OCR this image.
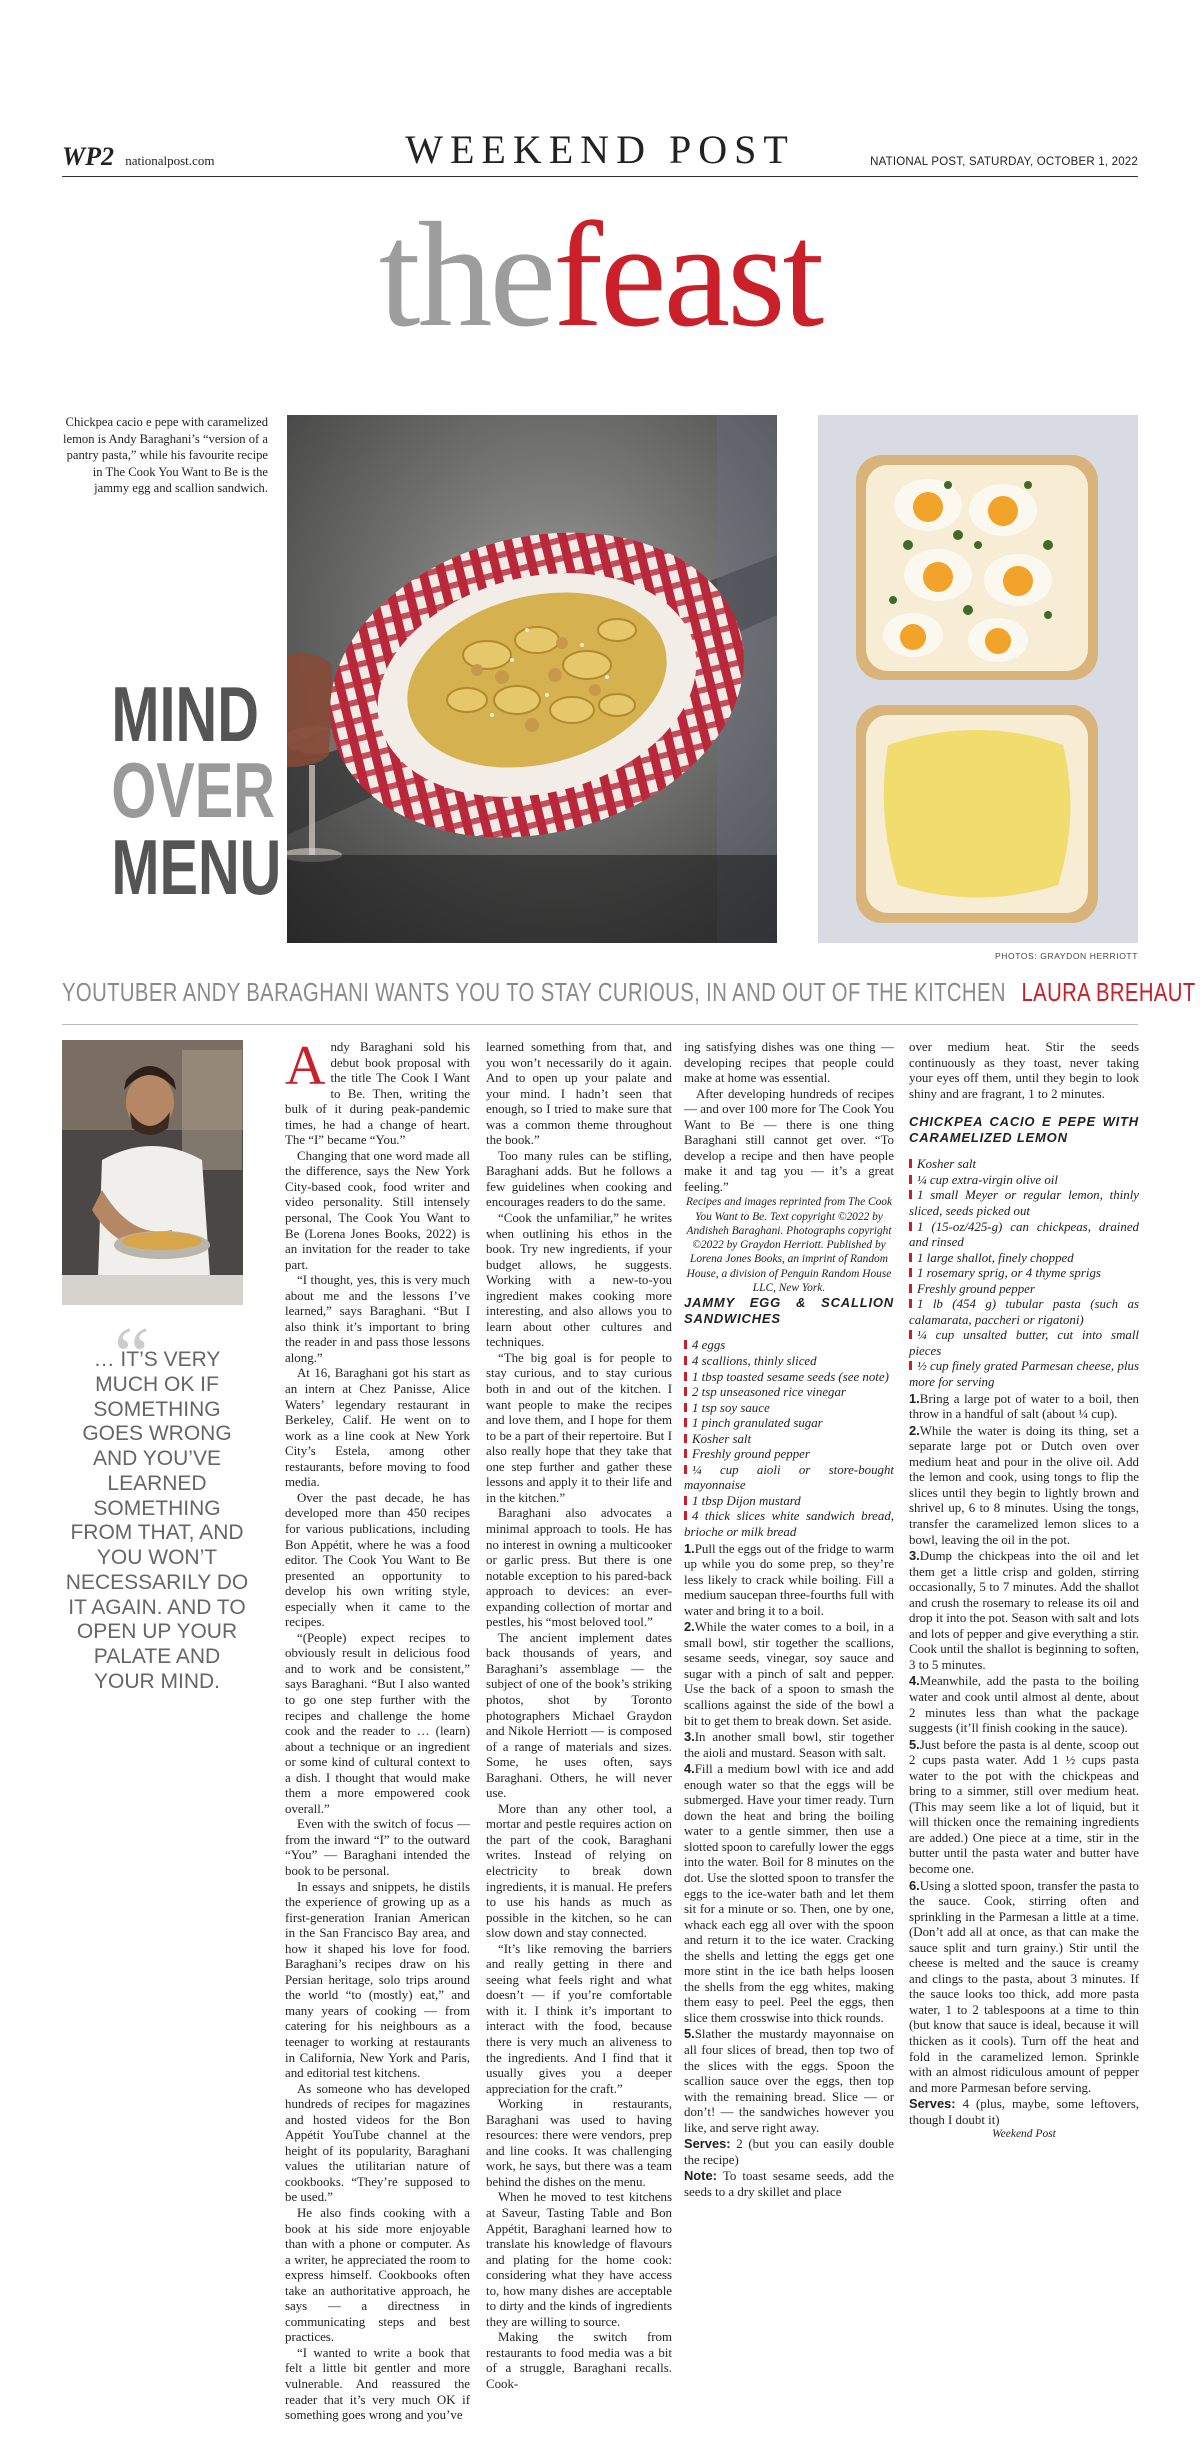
WP2 nationalpost.com	WEEKEND POST	NATIONAL POST, SATURDAY, OCTOBER 1, 2022
thefeast
Chickpea cacio e pepe with caramelized lemon is Andy Baraghani’s “version of a pantry pasta,” while his favourite recipe in The Cook You Want to Be is the jammy egg and scallion sandwich.
PHOTOS: GRAYDON HERRIOTT
MIND
OVER
MENU
YOUTUBER ANDY BARAGHANI WANTS YOU TO STAY CURIOUS, IN AND OUT OF THE KITCHEN LAURA BREHAUT
“
… IT’S VERY MUCH OK IF SOMETHING GOES WRONG AND YOU’VE LEARNED SOMETHING FROM THAT, AND YOU WON’T NECESSARILY DO IT AGAIN. AND TO OPEN UP YOUR PALATE AND YOUR MIND.

Andy Baraghani sold his debut book proposal with the title The Cook I Want to Be. Then, writing the bulk of it during peak-pandemic times, he had a change of heart. The “I” became “You.”

Changing that one word made all the difference, says the New York City-based cook, food writer and video personality. Still intensely personal, The Cook You Want to Be (Lorena Jones Books, 2022) is an invitation for the reader to take part.

“I thought, yes, this is very much about me and the lessons I’ve learned,” says Baraghani. “But I also think it’s important to bring the reader in and pass those lessons along.”

At 16, Baraghani got his start as an intern at Chez Panisse, Alice Waters’ legendary restaurant in Berkeley, Calif. He went on to work as a line cook at New York City’s Estela, among other restaurants, before moving to food media.

Over the past decade, he has developed more than 450 recipes for various publications, including Bon Appétit, where he was a food editor. The Cook You Want to Be presented an opportunity to develop his own writing style, especially when it came to the recipes.

“(People) expect recipes to obviously result in delicious food and to work and be consistent,” says Baraghani. “But I also wanted to go one step further with the recipes and challenge the home cook and the reader to … (learn) about a technique or an ingredient or some kind of cultural context to a dish. I thought that would make them a more empowered cook overall.”

Even with the switch of focus — from the inward “I” to the outward “You” — Baraghani intended the book to be personal.

In essays and snippets, he distils the experience of growing up as a first-generation Iranian American in the San Francisco Bay area, and how it shaped his love for food. Baraghani’s recipes draw on his Persian heritage, solo trips around the world “to (mostly) eat,” and many years of cooking — from catering for his neighbours as a teenager to working at restaurants in California, New York and Paris, and editorial test kitchens.

As someone who has developed hundreds of recipes for magazines and hosted videos for the Bon Appétit YouTube channel at the height of its popularity, Baraghani values the utilitarian nature of cookbooks. “They’re supposed to be used.”

He also finds cooking with a book at his side more enjoyable than with a phone or computer. As a writer, he appreciated the room to express himself. Cookbooks often take an authoritative approach, he says — a directness in communicating steps and best practices.

“I wanted to write a book that felt a little bit gentler and more vulnerable. And reassured the reader that it’s very much OK if something goes wrong and you’ve

learned something from that, and you won’t necessarily do it again. And to open up your palate and your mind. I hadn’t seen that enough, so I tried to make sure that was a common theme throughout the book.”

Too many rules can be stifling, Baraghani adds. But he follows a few guidelines when cooking and encourages readers to do the same.

“Cook the unfamiliar,” he writes when outlining his ethos in the book. Try new ingredients, if your budget allows, he suggests. Working with a new-to-you ingredient makes cooking more interesting, and also allows you to learn about other cultures and techniques.

“The big goal is for people to stay curious, and to stay curious both in and out of the kitchen. I want people to make the recipes and love them, and I hope for them to be a part of their repertoire. But I also really hope that they take that one step further and gather these lessons and apply it to their life and in the kitchen.”

Baraghani also advocates a minimal approach to tools. He has no interest in owning a multicooker or garlic press. But there is one notable exception to his pared-back approach to devices: an ever-expanding collection of mortar and pestles, his “most beloved tool.”

The ancient implement dates back thousands of years, and Baraghani’s assemblage — the subject of one of the book’s striking photos, shot by Toronto photographers Michael Graydon and Nikole Herriott — is composed of a range of materials and sizes. Some, he uses often, says Baraghani. Others, he will never use.

More than any other tool, a mortar and pestle requires action on the part of the cook, Baraghani writes. Instead of relying on electricity to break down ingredients, it is manual. He prefers to use his hands as much as possible in the kitchen, so he can slow down and stay connected.

“It’s like removing the barriers and really getting in there and seeing what feels right and what doesn’t — if you’re comfortable with it. I think it’s important to interact with the food, because there is very much an aliveness to the ingredients. And I find that it usually gives you a deeper appreciation for the craft.”

Working in restaurants, Baraghani was used to having resources: there were vendors, prep and line cooks. It was challenging work, he says, but there was a team behind the dishes on the menu.

When he moved to test kitchens at Saveur, Tasting Table and Bon Appétit, Baraghani learned how to translate his knowledge of flavours and plating for the home cook: considering what they have access to, how many dishes are acceptable to dirty and the kinds of ingredients they are willing to source.

Making the switch from restaurants to food media was a bit of a struggle, Baraghani recalls. Cook-

ing satisfying dishes was one thing — developing recipes that people could make at home was essential.

After developing hundreds of recipes — and over 100 more for The Cook You Want to Be — there is one thing Baraghani still cannot get over. “To develop a recipe and then have people make it and tag you — it’s a great feeling.”

Recipes and images reprinted from The Cook You Want to Be. Text copyright ©2022 by Andisheh Baraghani. Photographs copyright ©2022 by Graydon Herriott. Published by Lorena Jones Books, an imprint of Random House, a division of Penguin Random House LLC, New York.

JAMMY EGG & SCALLION SANDWICHES

4 eggs

4 scallions, thinly sliced

1 tbsp toasted sesame seeds (see note)

2 tsp unseasoned rice vinegar

1 tsp soy sauce

1 pinch granulated sugar

Kosher salt

Freshly ground pepper

¼ cup aioli or store-bought mayonnaise

1 tbsp Dijon mustard

4 thick slices white sandwich bread, brioche or milk bread

1.Pull the eggs out of the fridge to warm up while you do some prep, so they’re less likely to crack while boiling. Fill a medium saucepan three-fourths full with water and bring it to a boil.

2.While the water comes to a boil, in a small bowl, stir together the scallions, sesame seeds, vinegar, soy sauce and sugar with a pinch of salt and pepper. Use the back of a spoon to smash the scallions against the side of the bowl a bit to get them to break down. Set aside.

3.In another small bowl, stir together the aioli and mustard. Season with salt.

4.Fill a medium bowl with ice and add enough water so that the eggs will be submerged. Have your timer ready. Turn down the heat and bring the boiling water to a gentle simmer, then use a slotted spoon to carefully lower the eggs into the water. Boil for 8 minutes on the dot. Use the slotted spoon to transfer the eggs to the ice-water bath and let them sit for a minute or so. Then, one by one, whack each egg all over with the spoon and return it to the ice water. Cracking the shells and letting the eggs get one more stint in the ice bath helps loosen the shells from the egg whites, making them easy to peel. Peel the eggs, then slice them crosswise into thick rounds.

5.Slather the mustardy mayonnaise on all four slices of bread, then top two of the slices with the eggs. Spoon the scallion sauce over the eggs, then top with the remaining bread. Slice — or don’t! — the sandwiches however you like, and serve right away.

Serves: 2 (but you can easily double the recipe)

Note: To toast sesame seeds, add the seeds to a dry skillet and place

over medium heat. Stir the seeds continuously as they toast, never taking your eyes off them, until they begin to look shiny and are fragrant, 1 to 2 minutes.

CHICKPEA CACIO E PEPE WITH CARAMELIZED LEMON

Kosher salt

¼ cup extra-virgin olive oil

1 small Meyer or regular lemon, thinly sliced, seeds picked out

1 (15-oz/425-g) can chickpeas, drained and rinsed

1 large shallot, finely chopped

1 rosemary sprig, or 4 thyme sprigs

Freshly ground pepper

1 lb (454 g) tubular pasta (such as calamarata, paccheri or rigatoni)

¼ cup unsalted butter, cut into small pieces

½ cup finely grated Parmesan cheese, plus more for serving

1.Bring a large pot of water to a boil, then throw in a handful of salt (about ¼ cup).

2.While the water is doing its thing, set a separate large pot or Dutch oven over medium heat and pour in the olive oil. Add the lemon and cook, using tongs to flip the slices until they begin to lightly brown and shrivel up, 6 to 8 minutes. Using the tongs, transfer the caramelized lemon slices to a bowl, leaving the oil in the pot.

3.Dump the chickpeas into the oil and let them get a little crisp and golden, stirring occasionally, 5 to 7 minutes. Add the shallot and crush the rosemary to release its oil and drop it into the pot. Season with salt and lots and lots of pepper and give everything a stir. Cook until the shallot is beginning to soften, 3 to 5 minutes.

4.Meanwhile, add the pasta to the boiling water and cook until almost al dente, about 2 minutes less than what the package suggests (it’ll finish cooking in the sauce).

5.Just before the pasta is al dente, scoop out 2 cups pasta water. Add 1 ½ cups pasta water to the pot with the chickpeas and bring to a simmer, still over medium heat. (This may seem like a lot of liquid, but it will thicken once the remaining ingredients are added.) One piece at a time, stir in the butter until the pasta water and butter have become one.

6.Using a slotted spoon, transfer the pasta to the sauce. Cook, stirring often and sprinkling in the Parmesan a little at a time. (Don’t add all at once, as that can make the sauce split and turn grainy.) Stir until the cheese is melted and the sauce is creamy and clings to the pasta, about 3 minutes. If the sauce looks too thick, add more pasta water, 1 to 2 tablespoons at a time to thin (but know that sauce is ideal, because it will thicken as it cools). Turn off the heat and fold in the caramelized lemon. Sprinkle with an almost ridiculous amount of pepper and more Parmesan before serving.

Serves: 4 (plus, maybe, some leftovers, though I doubt it)

Weekend Post
